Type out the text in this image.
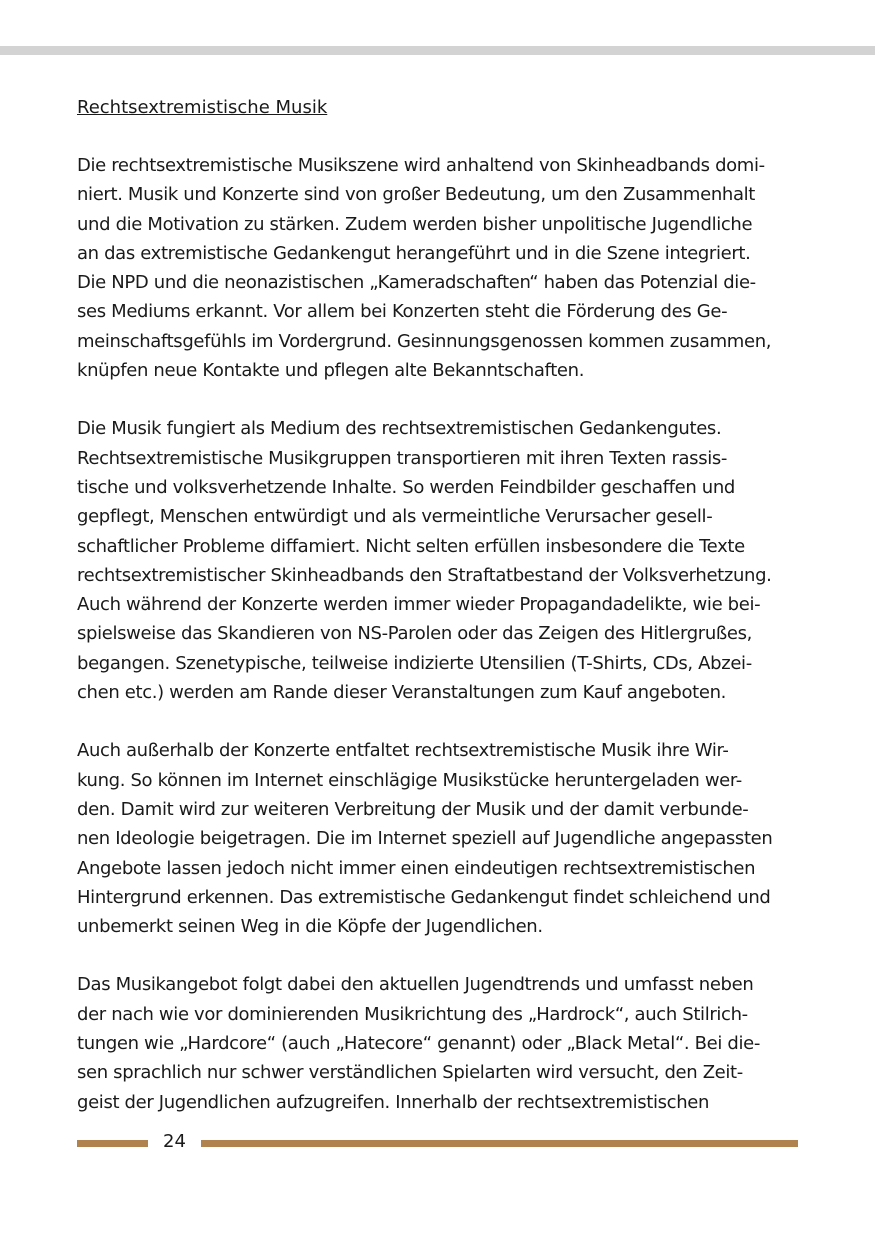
Rechtsextremistische Musik

Die rechtsextremistische Musikszene wird anhaltend von Skinheadbands domi-
niert. Musik und Konzerte sind von großer Bedeutung, um den Zusammenhalt
und die Motivation zu stärken. Zudem werden bisher unpolitische Jugendliche
an das extremistische Gedankengut herangeführt und in die Szene integriert.
Die NPD und die neonazistischen „Kameradschaften“ haben das Potenzial die-
ses Mediums erkannt. Vor allem bei Konzerten steht die Förderung des Ge-
meinschaftsgefühls im Vordergrund. Gesinnungsgenossen kommen zusammen,
knüpfen neue Kontakte und pflegen alte Bekanntschaften.

Die Musik fungiert als Medium des rechtsextremistischen Gedankengutes.
Rechtsextremistische Musikgruppen transportieren mit ihren Texten rassis-
tische und volksverhetzende Inhalte. So werden Feindbilder geschaffen und
gepflegt, Menschen entwürdigt und als vermeintliche Verursacher gesell-
schaftlicher Probleme diffamiert. Nicht selten erfüllen insbesondere die Texte
rechtsextremistischer Skinheadbands den Straftatbestand der Volksverhetzung.
Auch während der Konzerte werden immer wieder Propagandadelikte, wie bei-
spielsweise das Skandieren von NS-Parolen oder das Zeigen des Hitlergrußes,
begangen. Szenetypische, teilweise indizierte Utensilien (T-Shirts, CDs, Abzei-
chen etc.) werden am Rande dieser Veranstaltungen zum Kauf angeboten.

Auch außerhalb der Konzerte entfaltet rechtsextremistische Musik ihre Wir-
kung. So können im Internet einschlägige Musikstücke heruntergeladen wer-
den. Damit wird zur weiteren Verbreitung der Musik und der damit verbunde-
nen Ideologie beigetragen. Die im Internet speziell auf Jugendliche angepassten
Angebote lassen jedoch nicht immer einen eindeutigen rechtsextremistischen
Hintergrund erkennen. Das extremistische Gedankengut findet schleichend und
unbemerkt seinen Weg in die Köpfe der Jugendlichen.

Das Musikangebot folgt dabei den aktuellen Jugendtrends und umfasst neben
der nach wie vor dominierenden Musikrichtung des „Hardrock“, auch Stilrich-
tungen wie „Hardcore“ (auch „Hatecore“ genannt) oder „Black Metal“. Bei die-
sen sprachlich nur schwer verständlichen Spielarten wird versucht, den Zeit-
geist der Jugendlichen aufzugreifen. Innerhalb der rechtsextremistischen

24
